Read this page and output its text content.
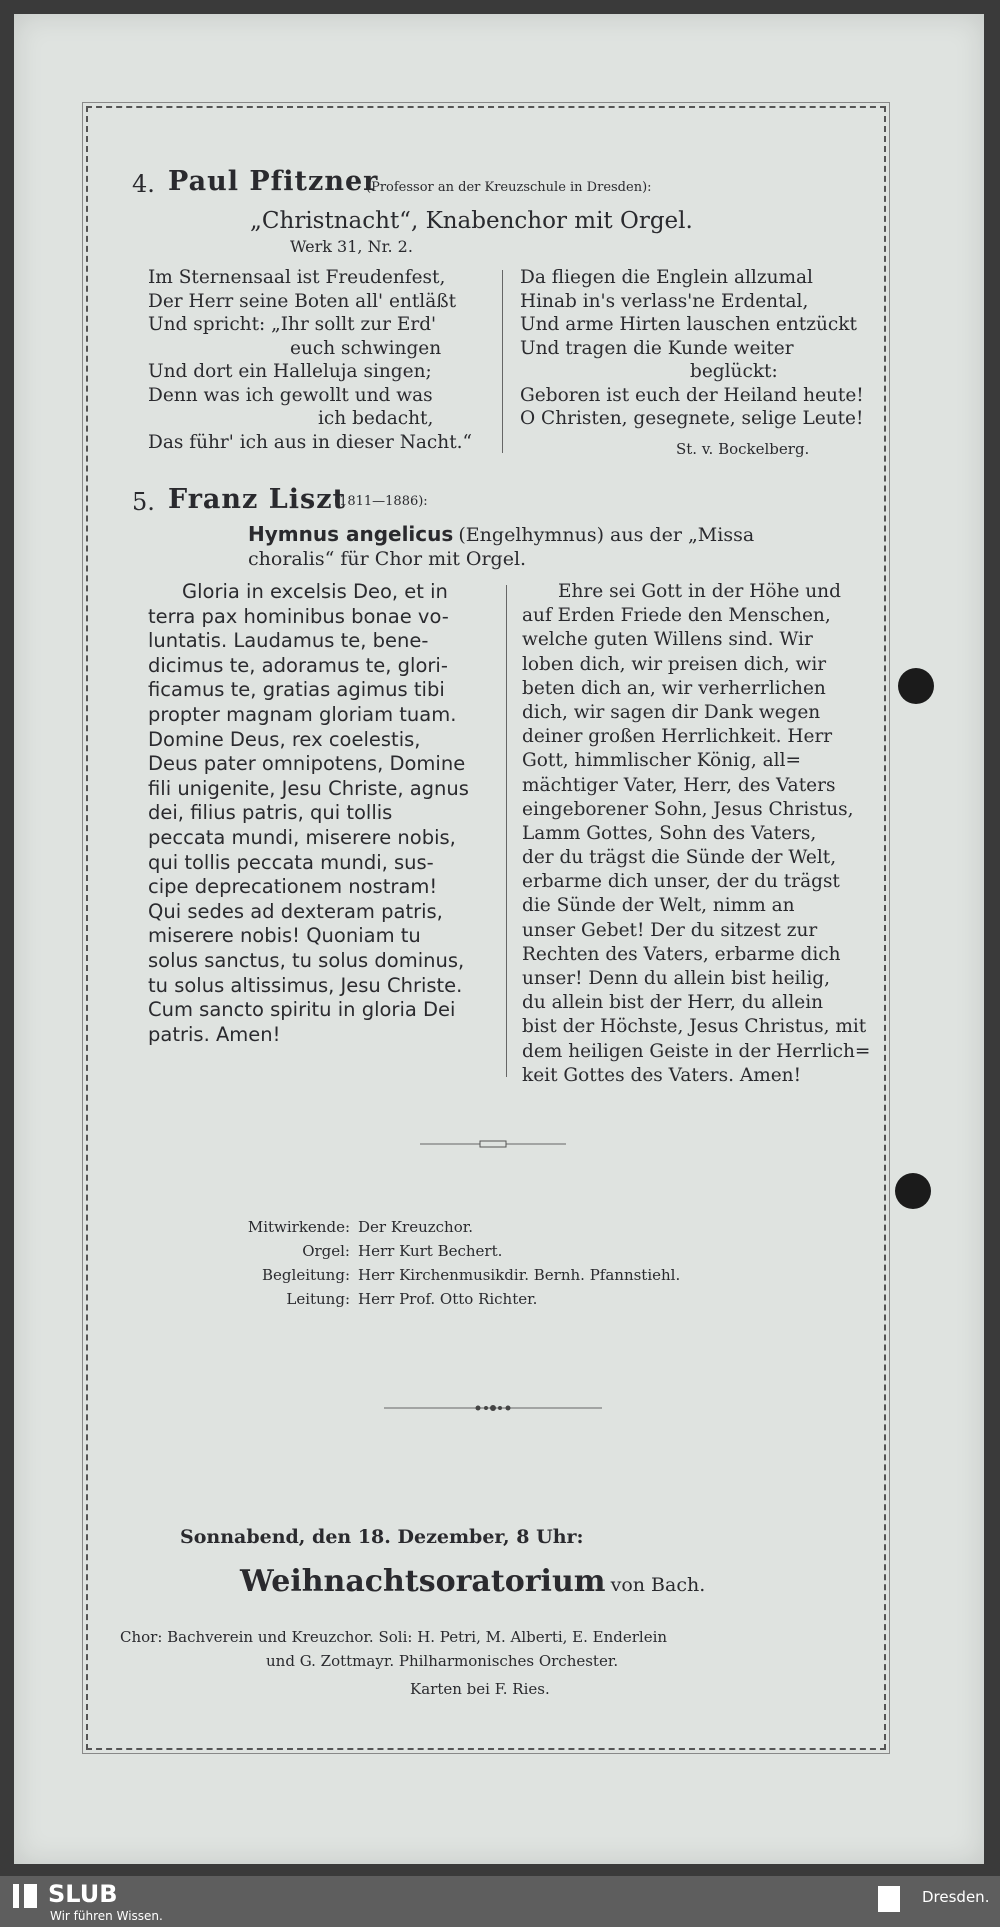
4. Paul Pfitzner
(Professor an der Kreuzschule in Dresden):
„Christnacht“, Knabenchor mit Orgel.
Werk 31, Nr. 2.
Im Sternensaal ist Freudenfest,
Der Herr seine Boten all' entläßt
Und spricht: „Ihr sollt zur Erd'
euch schwingen
Und dort ein Halleluja singen;
Denn was ich gewollt und was
ich bedacht,
Das führ' ich aus in dieser Nacht.“
Da fliegen die Englein allzumal
Hinab in's verlass'ne Erdental,
Und arme Hirten lauschen entzückt
Und tragen die Kunde weiter
beglückt:
Geboren ist euch der Heiland heute!
O Christen, gesegnete, selige Leute!
St. v. Bockelberg.
5. Franz Liszt
(1811—1886):
Hymnus angelicus (Engelhymnus) aus der „Missa
choralis“ für Chor mit Orgel.
Gloria in excelsis Deo, et in
terra pax hominibus bonae vo-
luntatis. Laudamus te, bene-
dicimus te, adoramus te, glori-
ficamus te, gratias agimus tibi
propter magnam gloriam tuam.
Domine Deus, rex coelestis,
Deus pater omnipotens, Domine
fili unigenite, Jesu Christe, agnus
dei, filius patris, qui tollis
peccata mundi, miserere nobis,
qui tollis peccata mundi, sus-
cipe deprecationem nostram!
Qui sedes ad dexteram patris,
miserere nobis! Quoniam tu
solus sanctus, tu solus dominus,
tu solus altissimus, Jesu Christe.
Cum sancto spiritu in gloria Dei
patris. Amen!
Ehre sei Gott in der Höhe und
auf Erden Friede den Menschen,
welche guten Willens sind. Wir
loben dich, wir preisen dich, wir
beten dich an, wir verherrlichen
dich, wir sagen dir Dank wegen
deiner großen Herrlichkeit. Herr
Gott, himmlischer König, all=
mächtiger Vater, Herr, des Vaters
eingeborener Sohn, Jesus Christus,
Lamm Gottes, Sohn des Vaters,
der du trägst die Sünde der Welt,
erbarme dich unser, der du trägst
die Sünde der Welt, nimm an
unser Gebet! Der du sitzest zur
Rechten des Vaters, erbarme dich
unser! Denn du allein bist heilig,
du allein bist der Herr, du allein
bist der Höchste, Jesus Christus, mit
dem heiligen Geiste in der Herrlich=
keit Gottes des Vaters. Amen!
Mitwirkende: Der Kreuzchor.
Orgel: Herr Kurt Bechert.
Begleitung: Herr Kirchenmusikdir. Bernh. Pfannstiehl.
Leitung: Herr Prof. Otto Richter.
Sonnabend, den 18. Dezember, 8 Uhr:
Weihnachtsoratorium von Bach.
Chor: Bachverein und Kreuzchor. Soli: H. Petri, M. Alberti, E. Enderlein
und G. Zottmayr. Philharmonisches Orchester.
Karten bei F. Ries.
SLUB
Wir führen Wissen.
Dresden.
